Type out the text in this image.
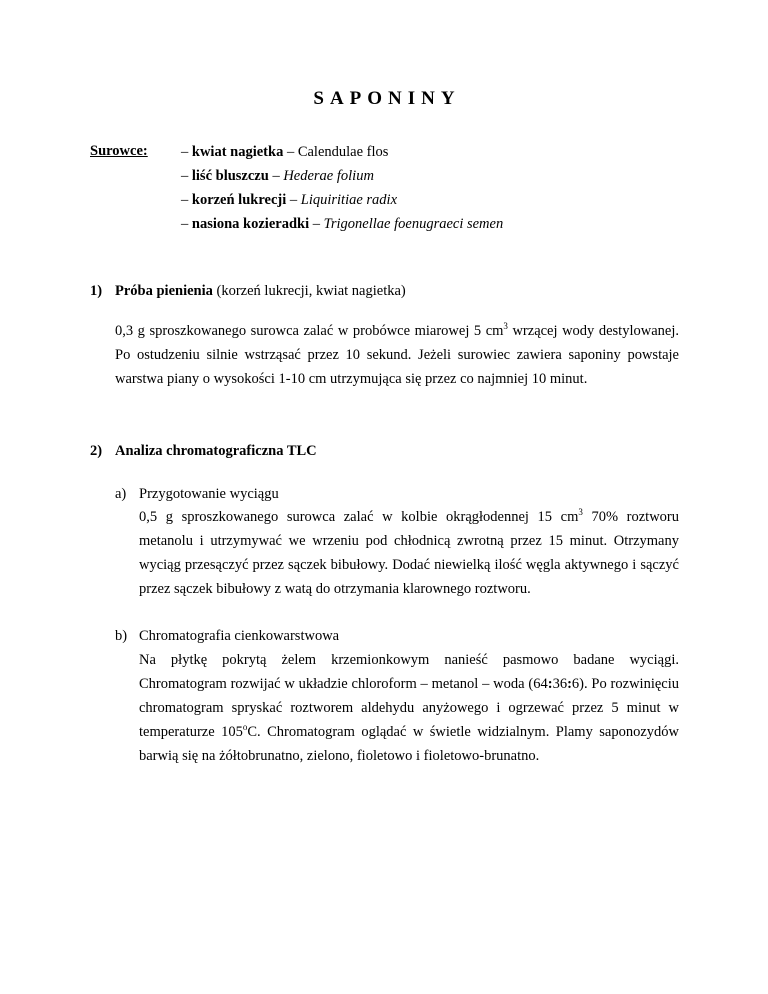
SAPONINY
Surowce: – kwiat nagietka – Calendulae flos
– liść bluszczu – Hederae folium
– korzeń lukrecji – Liquiritiae radix
– nasiona kozieradki – Trigonellae foenugraeci semen
1) Próba pienienia (korzeń lukrecji, kwiat nagietka)
0,3 g sproszkowanego surowca zalać w probówce miarowej 5 $cm^3$ wrzącej wody destylowanej. Po ostudzeniu silnie wstrząsać przez 10 sekund. Jeżeli surowiec zawiera saponiny powstaje warstwa piany o wysokości 1-10 cm utrzymująca się przez co najmniej 10 minut.
2) Analiza chromatograficzna TLC
a) Przygotowanie wyciągu
0,5 g sproszkowanego surowca zalać w kolbie okrągłodennej 15 $cm^3$ 70% roztworu metanolu i utrzymywać we wrzeniu pod chłodnicą zwrotną przez 15 minut. Otrzymany wyciąg przesączyć przez sączek bibułowy. Dodać niewielką ilość węgla aktywnego i sączyć przez sączek bibułowy z watą do otrzymania klarownego roztworu.
b) Chromatografia cienkowarstwowa
Na płytkę pokrytą żelem krzemionkowym nanieść pasmowo badane wyciągi. Chromatogram rozwijać w układzie chloroform – metanol – woda (64:36:6). Po rozwinięciu chromatogram spryskać roztworem aldehydu anyżowego i ogrzewać przez 5 minut w temperaturze 105$^o$C. Chromatogram oglądać w świetle widzialnym. Plamy saponozydów barwią się na żółtobrunatno, zielono, fioletowo i fioletowo-brunatno.
